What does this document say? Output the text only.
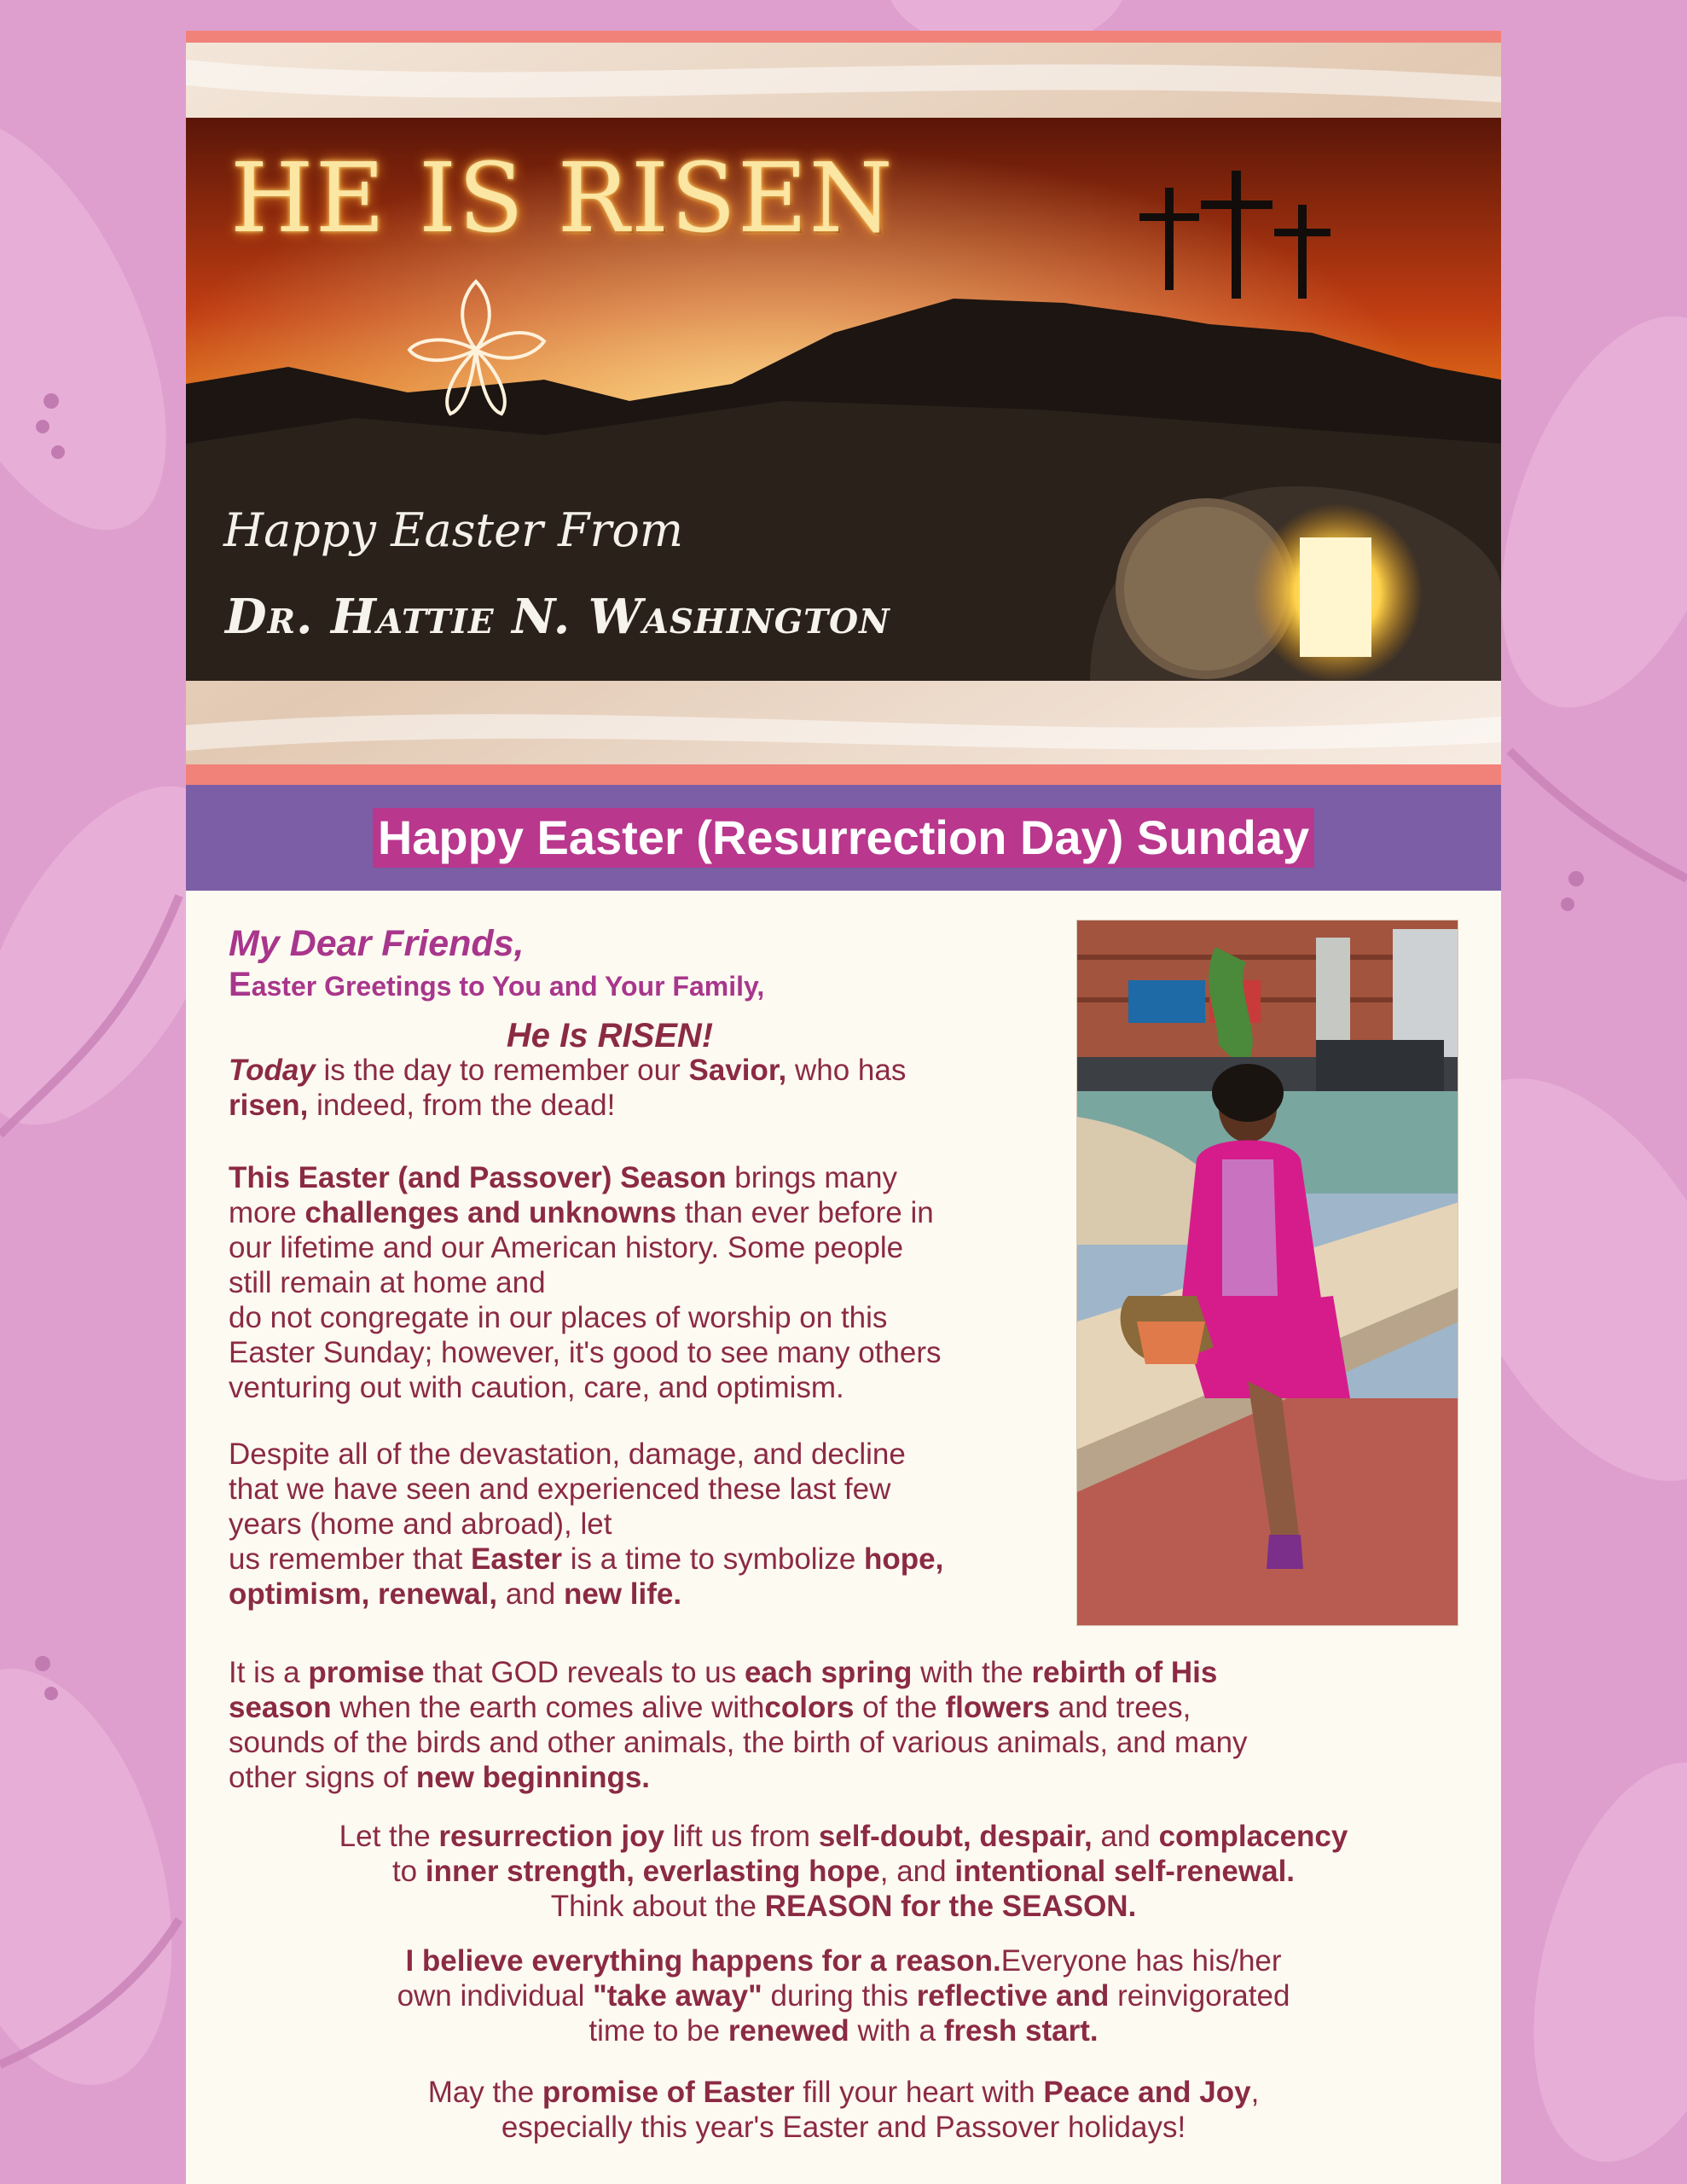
HE IS RISEN
Happy Easter From
Dr. Hattie N. Washington
Happy Easter (Resurrection Day) Sunday
My Dear Friends,
Easter Greetings to You and Your Family,
He Is RISEN!
Today is the day to remember our Savior, who has
risen, indeed, from the dead!
This Easter (and Passover) Season brings many
more challenges and unknowns than ever before in
our lifetime and our American history. Some people
still remain at home and
do not congregate in our places of worship on this
Easter Sunday; however, it's good to see many others
venturing out with caution, care, and optimism.
Despite all of the devastation, damage, and decline
that we have seen and experienced these last few
years (home and abroad), let
us remember that Easter is a time to symbolize hope,
optimism, renewal, and new life.
It is a promise that GOD reveals to us each spring with the rebirth of His
season when the earth comes alive withcolors of the flowers and trees,
sounds of the birds and other animals, the birth of various animals, and many
other signs of new beginnings.
Let the resurrection joy lift us from self-doubt, despair, and complacency
to inner strength, everlasting hope, and intentional self-renewal.
Think about the REASON for the SEASON.
I believe everything happens for a reason.Everyone has his/her
own individual "take away" during this reflective and reinvigorated
time to be renewed with a fresh start.
May the promise of Easter fill your heart with Peace and Joy,
especially this year's Easter and Passover holidays!
